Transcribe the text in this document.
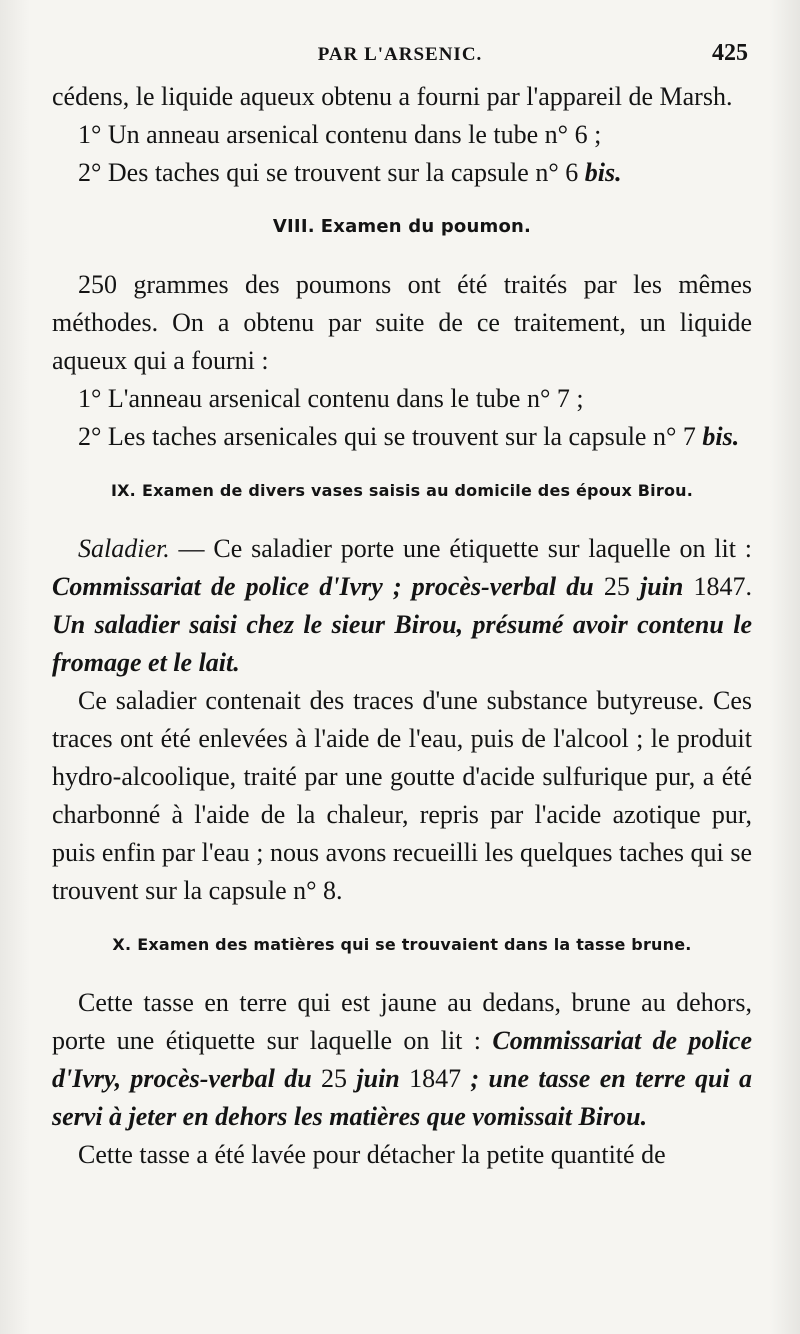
PAR L'ARSENIC.	425

cédens, le liquide aqueux obtenu a fourni par l'appareil de Marsh.

1° Un anneau arsenical contenu dans le tube n° 6 ;

2° Des taches qui se trouvent sur la capsule n° 6 bis.

VIII. Examen du poumon.

250 grammes des poumons ont été traités par les mêmes méthodes. On a obtenu par suite de ce traitement, un liquide aqueux qui a fourni :

1° L'anneau arsenical contenu dans le tube n° 7 ;

2° Les taches arsenicales qui se trouvent sur la capsule n° 7 bis.

IX. Examen de divers vases saisis au domicile des époux Birou.

Saladier. — Ce saladier porte une étiquette sur laquelle on lit : Commissariat de police d'Ivry ; procès-verbal du 25 juin 1847. Un saladier saisi chez le sieur Birou, présumé avoir contenu le fromage et le lait.

Ce saladier contenait des traces d'une substance butyreuse. Ces traces ont été enlevées à l'aide de l'eau, puis de l'alcool ; le produit hydro-alcoolique, traité par une goutte d'acide sulfurique pur, a été charbonné à l'aide de la chaleur, repris par l'acide azotique pur, puis enfin par l'eau ; nous avons recueilli les quelques taches qui se trouvent sur la capsule n° 8.

X. Examen des matières qui se trouvaient dans la tasse brune.

Cette tasse en terre qui est jaune au dedans, brune au dehors, porte une étiquette sur laquelle on lit : Commissariat de police d'Ivry, procès-verbal du 25 juin 1847 ; une tasse en terre qui a servi à jeter en dehors les matières que vomissait Birou.

Cette tasse a été lavée pour détacher la petite quantité de
